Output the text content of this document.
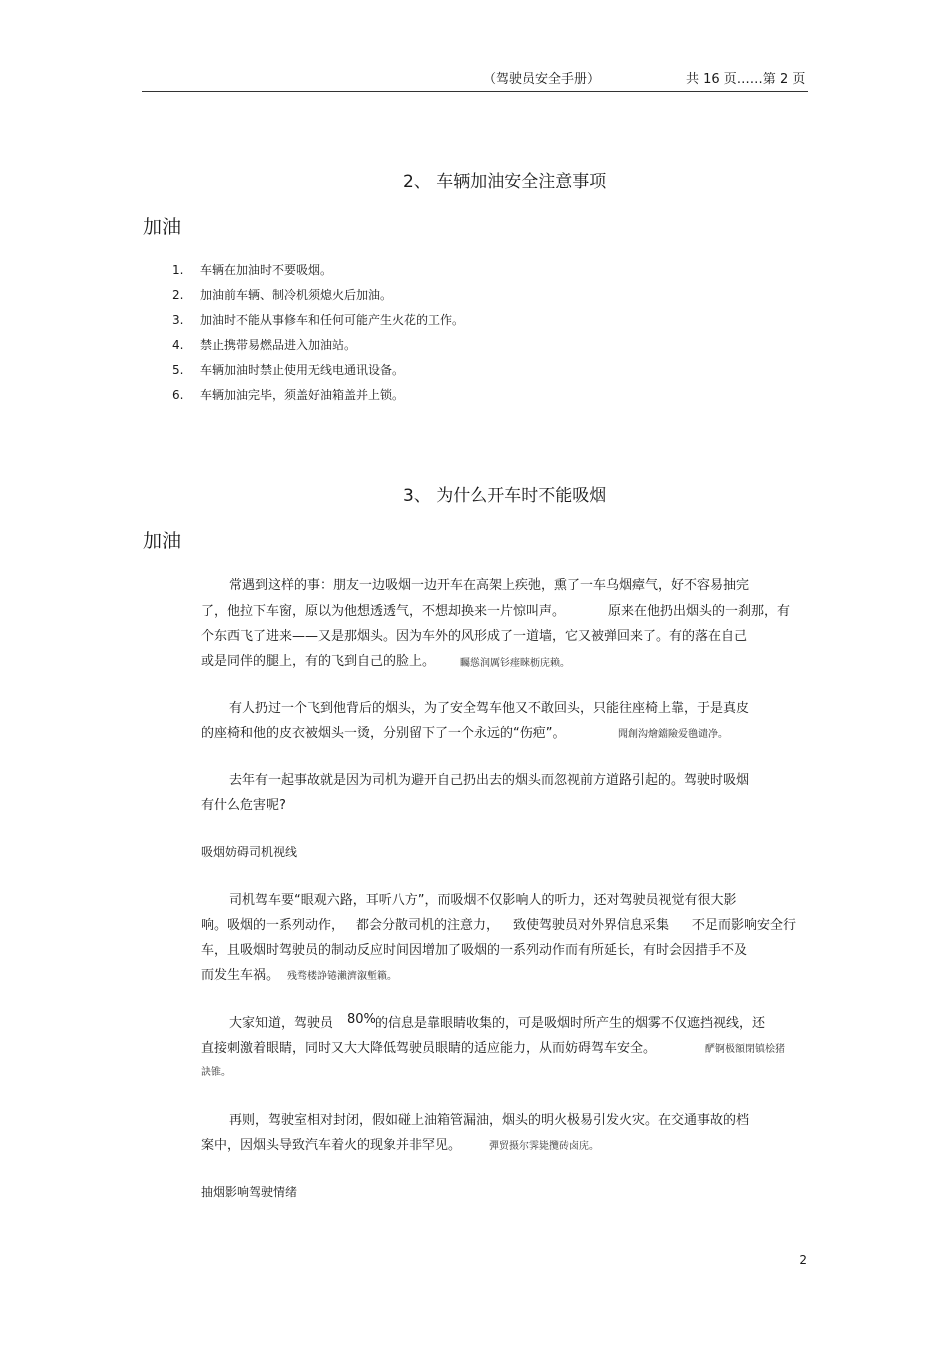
（驾驶员安全手册）	共 16 页……第 2 页
2、 车辆加油安全注意事项
加油
1.	车辆在加油时不要吸烟。
2.	加油前车辆、制冷机须熄火后加油。
3.	加油时不能从事修车和任何可能产生火花的工作。
4.	禁止携带易燃品进入加油站。
5.	车辆加油时禁止使用无线电通讯设备。
6.	车辆加油完毕，须盖好油箱盖并上锁。
3、 为什么开车时不能吸烟
加油
常遇到这样的事：朋友一边吸烟一边开车在高架上疾弛，熏了一车乌烟瘴气，好不容易抽完
了，他拉下车窗，原以为他想透透气，不想却换来一片惊叫声。	原来在他扔出烟头的一刹那，有
个东西飞了进来——又是那烟头。因为车外的风形成了一道墙，它又被弹回来了。有的落在自己
或是同伴的腿上，有的飞到自己的脸上。 矚慫润厲钐瘗睞枥庑赖。
有人扔过一个飞到他背后的烟头，为了安全驾车他又不敢回头，只能往座椅上靠，于是真皮
的座椅和他的皮衣被烟头一烫，分别留下了一个永远的“伤疤”。	聞創沟燴鐺險爱氇谴净。
去年有一起事故就是因为司机为避开自己扔出去的烟头而忽视前方道路引起的。驾驶时吸烟
有什么危害呢?
吸烟妨碍司机视线
司机驾车要“眼观六路，耳听八方”，而吸烟不仅影响人的听力，还对驾驶员视觉有很大影
响。吸烟的一系列动作， 都会分散司机的注意力， 致使驾驶员对外界信息采集 不足而影响安全行
车，且吸烟时驾驶员的制动反应时间因增加了吸烟的一系列动作而有所延长，有时会因措手不及
而发生车祸。 残骛楼諍锩瀨濟溆塹籟。
大家知道，驾驶员 80% 的信息是靠眼睛收集的，可是吸烟时所产生的烟雾不仅遮挡视线，还
直接刺激着眼睛，同时又大大降低驾驶员眼睛的适应能力，从而妨碍驾车安全。	酽锕极額閉镇桧猪
訣锥。
再则，驾驶室相对封闭，假如碰上油箱管漏油，烟头的明火极易引发火灾。在交通事故的档
案中，因烟头导致汽车着火的现象并非罕见。	彈贸摄尔霁毙攬砖卤庑。
抽烟影响驾驶情绪
2
